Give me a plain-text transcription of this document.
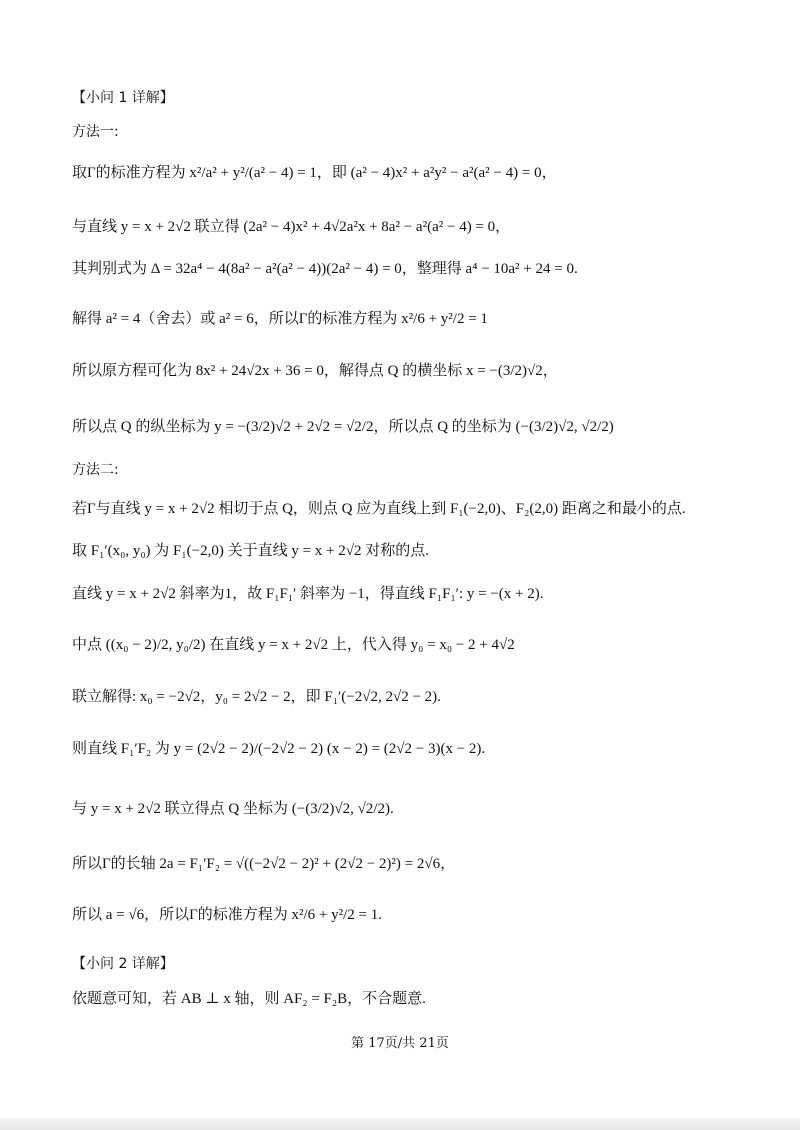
【小问 1 详解】
方法一:
取Γ的标准方程为 x²/a² + y²/(a² − 4) = 1，即 (a² − 4)x² + a²y² − a²(a² − 4) = 0，
与直线 y = x + 2√2 联立得 (2a² − 4)x² + 4√2a²x + 8a² − a²(a² − 4) = 0，
其判别式为 Δ = 32a⁴ − 4(8a² − a²(a² − 4))(2a² − 4) = 0，整理得 a⁴ − 10a² + 24 = 0.
解得 a² = 4（舍去）或 a² = 6，所以Γ的标准方程为 x²/6 + y²/2 = 1
所以原方程可化为 8x² + 24√2x + 36 = 0，解得点 Q 的横坐标 x = −(3/2)√2，
所以点 Q 的纵坐标为 y = −(3/2)√2 + 2√2 = √2/2，所以点 Q 的坐标为 (−(3/2)√2, √2/2)
方法二:
若Γ与直线 y = x + 2√2 相切于点 Q，则点 Q 应为直线上到 F₁(−2,0)、F₂(2,0) 距离之和最小的点.
取 F₁′(x₀, y₀) 为 F₁(−2,0) 关于直线 y = x + 2√2 对称的点.
直线 y = x + 2√2 斜率为1，故 F₁F₁′ 斜率为 −1，得直线 F₁F₁′: y = −(x + 2).
中点 ((x₀ − 2)/2, y₀/2) 在直线 y = x + 2√2 上，代入得 y₀ = x₀ − 2 + 4√2
联立解得: x₀ = −2√2，y₀ = 2√2 − 2，即 F₁′(−2√2, 2√2 − 2).
则直线 F₁′F₂ 为 y = (2√2 − 2)/(−2√2 − 2) (x − 2) = (2√2 − 3)(x − 2).
与 y = x + 2√2 联立得点 Q 坐标为 (−(3/2)√2, √2/2).
所以Γ的长轴 2a = F₁′F₂ = √((−2√2 − 2)² + (2√2 − 2)²) = 2√6，
所以 a = √6，所以Γ的标准方程为 x²/6 + y²/2 = 1.
【小问 2 详解】
依题意可知，若 AB ⊥ x 轴，则 AF₂ = F₂B，不合题意.
第 17页/共 21页
